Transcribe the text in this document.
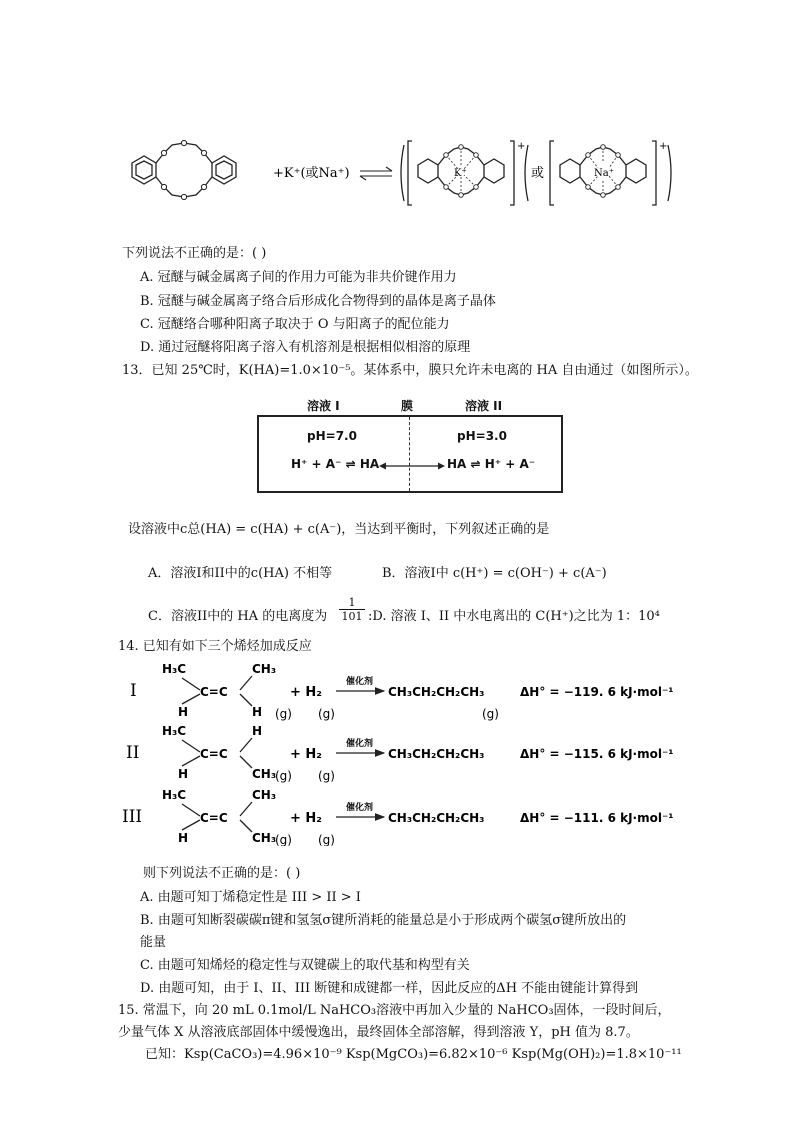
+K⁺(或Na⁺)	K⁺
+
或	Na⁺
+
下列说法不正确的是：( )
A. 冠醚与碱金属离子间的作用力可能为非共价键作用力
B. 冠醚与碱金属离子络合后形成化合物得到的晶体是离子晶体
C. 冠醚络合哪种阳离子取决于 O 与阳离子的配位能力
D. 通过冠醚将阳离子溶入有机溶剂是根据相似相溶的原理
13．已知 25℃时，K(HA)=1.0×10⁻⁵。某体系中，膜只允许未电离的 HA 自由通过（如图所示）。
溶液 I	膜	溶液 II
pH=7.0	pH=3.0
H⁺ + A⁻ ⇌ HA	HA ⇌ H⁺ + A⁻
设溶液中c总(HA) = c(HA) + c(A⁻)，当达到平衡时，下列叙述正确的是
A．溶液I和II中的c(HA) 不相等	B．溶液I中 c(H⁺) = c(OH⁻) + c(A⁻)
C．溶液II中的 HA 的电离度为 $\frac{1}{101}$ :D. 溶液 I、II 中水电离出的 C(H⁺)之比为 1：10⁴
14. 已知有如下三个烯烃加成反应
I
H₃C	CH₃
H	H
C=C	+ H₂
(g) (g)
催化剂
CH₃CH₂CH₂CH₃
(g)
ΔH° = −119. 6 kJ·mol⁻¹
II
H₃C	H
H	CH₃
C=C	+ H₂
(g) (g)
催化剂
CH₃CH₂CH₂CH₃	ΔH° = −115. 6 kJ·mol⁻¹
III
H₃C	CH₃
H	CH₃
C=C	+ H₂
(g) (g)
催化剂
CH₃CH₂CH₂CH₃	ΔH° = −111. 6 kJ·mol⁻¹
则下列说法不正确的是：( )
A. 由题可知丁烯稳定性是 III > II > I
B. 由题可知断裂碳碳π键和氢氢σ键所消耗的能量总是小于形成两个碳氢σ键所放出的
能量
C. 由题可知烯烃的稳定性与双键碳上的取代基和构型有关
D. 由题可知，由于 I、II、III 断键和成键都一样，因此反应的ΔH 不能由键能计算得到
15. 常温下，向 20 mL 0.1mol/L NaHCO₃溶液中再加入少量的 NaHCO₃固体，一段时间后，
少量气体 X 从溶液底部固体中缓慢逸出，最终固体全部溶解，得到溶液 Y，pH 值为 8.7。
已知：Ksp(CaCO₃)=4.96×10⁻⁹ Ksp(MgCO₃)=6.82×10⁻⁶ Ksp(Mg(OH)₂)=1.8×10⁻¹¹
